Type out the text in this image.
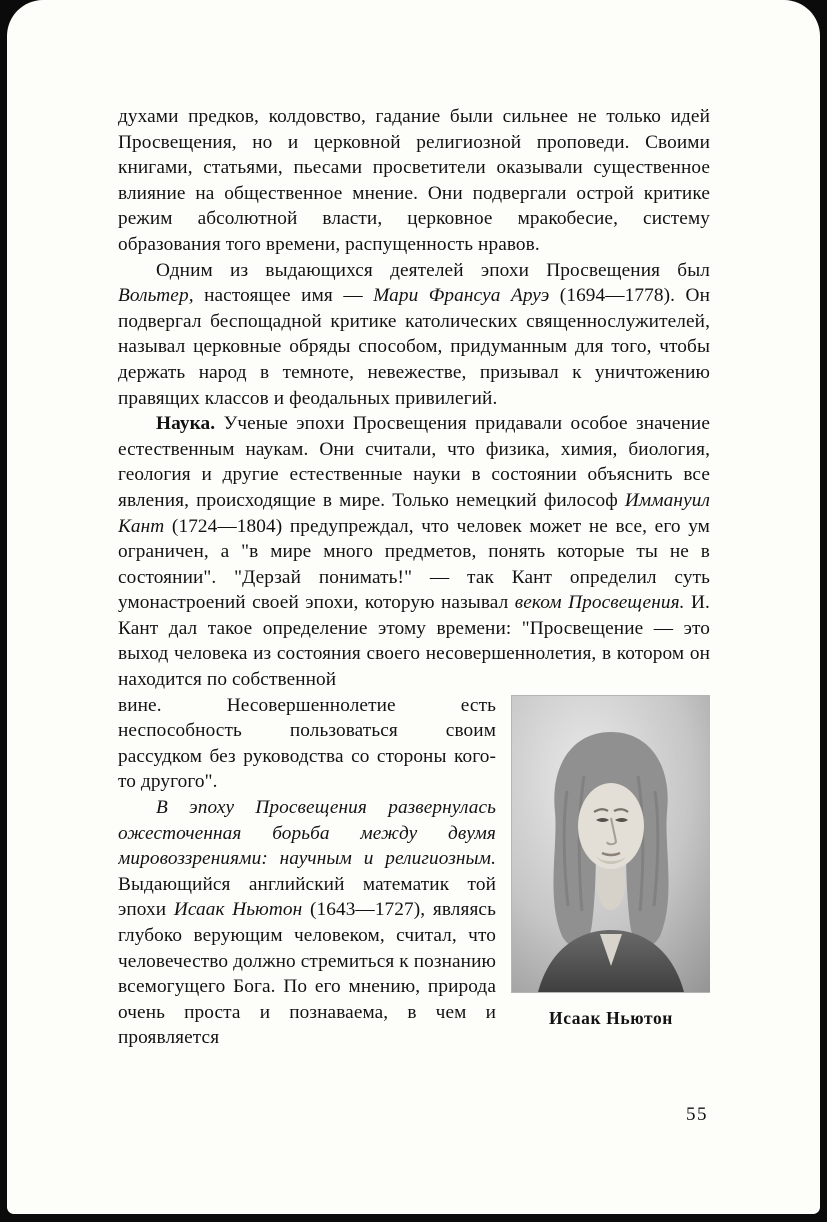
духами предков, колдовство, гадание были сильнее не только идей Просвещения, но и церковной религиозной проповеди. Своими книгами, статьями, пьесами просветители оказывали существенное влияние на общественное мнение. Они подвергали острой критике режим абсолютной власти, церковное мракобесие, систему образования того времени, распущенность нравов.

Одним из выдающихся деятелей эпохи Просвещения был Вольтер, настоящее имя — Мари Франсуа Аруэ (1694—1778). Он подвергал беспощадной критике католических священнослужителей, называл церковные обряды способом, придуманным для того, чтобы держать народ в темноте, невежестве, призывал к уничтожению правящих классов и феодальных привилегий.

Наука. Ученые эпохи Просвещения придавали особое значение естественным наукам. Они считали, что физика, химия, биология, геология и другие естественные науки в состоянии объяснить все явления, происходящие в мире. Только немецкий философ Иммануил Кант (1724—1804) предупреждал, что человек может не все, его ум ограничен, а "в мире много предметов, понять которые ты не в состоянии". "Дерзай понимать!" — так Кант определил суть умонастроений своей эпохи, которую называл веком Просвещения. И. Кант дал такое определение этому времени: "Просвещение — это выход человека из состояния своего несовершеннолетия, в котором он находится по собственной

Исаак Ньютон

вине. Несовершеннолетие есть неспособность пользоваться своим рассудком без руководства со стороны кого-то другого".

В эпоху Просвещения развернулась ожесточенная борьба между двумя мировоззрениями: научным и религиозным. Выдающийся английский математик той эпохи Исаак Ньютон (1643—1727), являясь глубоко верующим человеком, считал, что человечество должно стремиться к познанию всемогущего Бога. По его мнению, природа очень проста и познаваема, в чем и проявляется

55
